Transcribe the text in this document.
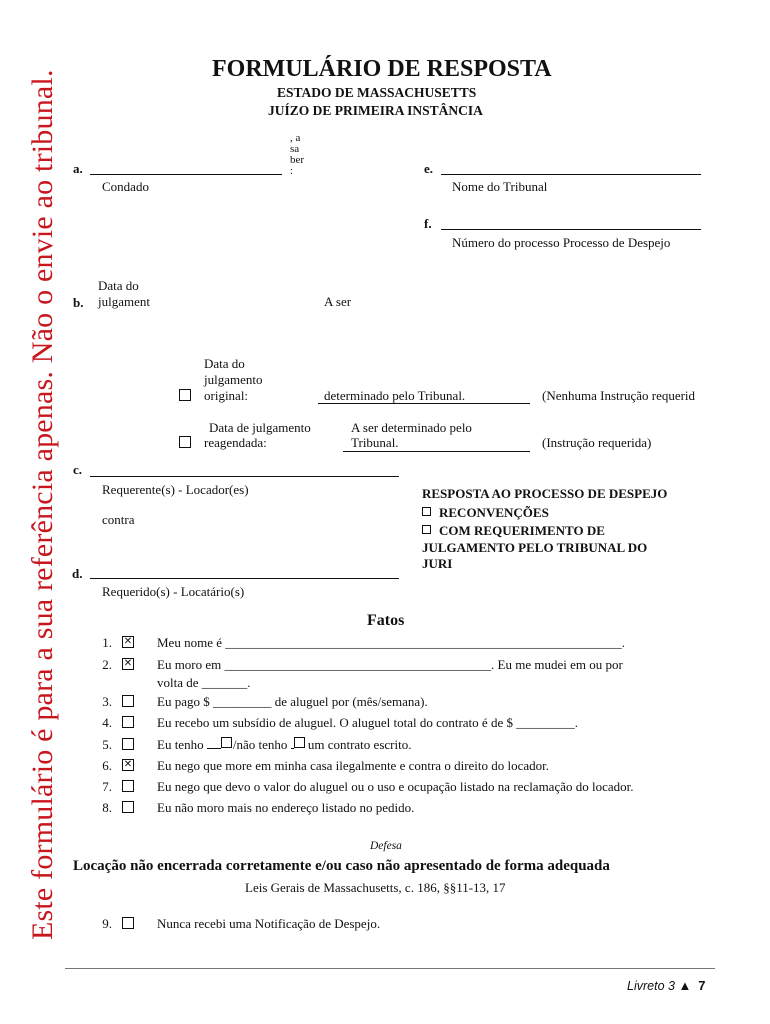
Este formulário é para a sua referência apenas. Não o envie ao tribunal.
FORMULÁRIO DE RESPOSTA
ESTADO DE MASSACHUSETTS
JUÍZO DE PRIMEIRA INSTÂNCIA
, a
sa
ber
:
a.
Condado
e.
Nome do Tribunal
f.
Número do processo Processo de Despejo
Data do
b. julgament	A ser
Data do
julgamento
original:	determinado pelo Tribunal.	(Nenhuma Instrução requerid
Data de julgamento	A ser determinado pelo
reagendada:	Tribunal.	(Instrução requerida)
c.
Requerente(s) - Locador(es)
contra
d.
Requerido(s) - Locatário(s)
RESPOSTA AO PROCESSO DE DESPEJO
RECONVENÇÕES
COM REQUERIMENTO DE
JULGAMENTO PELO TRIBUNAL DO
JURI
Fatos
1. ✕ Meu nome é _____________________________________________________________.
2. ✕ Eu moro em _________________________________________. Eu me mudei em ou por
volta de _______.
3.	Eu pago $ _________ de aluguel por (mês/semana).
4.	Eu recebo um subsídio de aluguel. O aluguel total do contrato é de $ _________.
5.	Eu tenho /não tenho  um contrato escrito.
6. ✕ Eu nego que more em minha casa ilegalmente e contra o direito do locador.
7.	Eu nego que devo o valor do aluguel ou o uso e ocupação listado na reclamação do locador.
8.	Eu não moro mais no endereço listado no pedido.
Defesa
Locação não encerrada corretamente e/ou caso não apresentado de forma adequada
Leis Gerais de Massachusetts, c. 186, §§11-13, 17
9.	Nunca recebi uma Notificação de Despejo.
Livreto 3 ▲ 7
